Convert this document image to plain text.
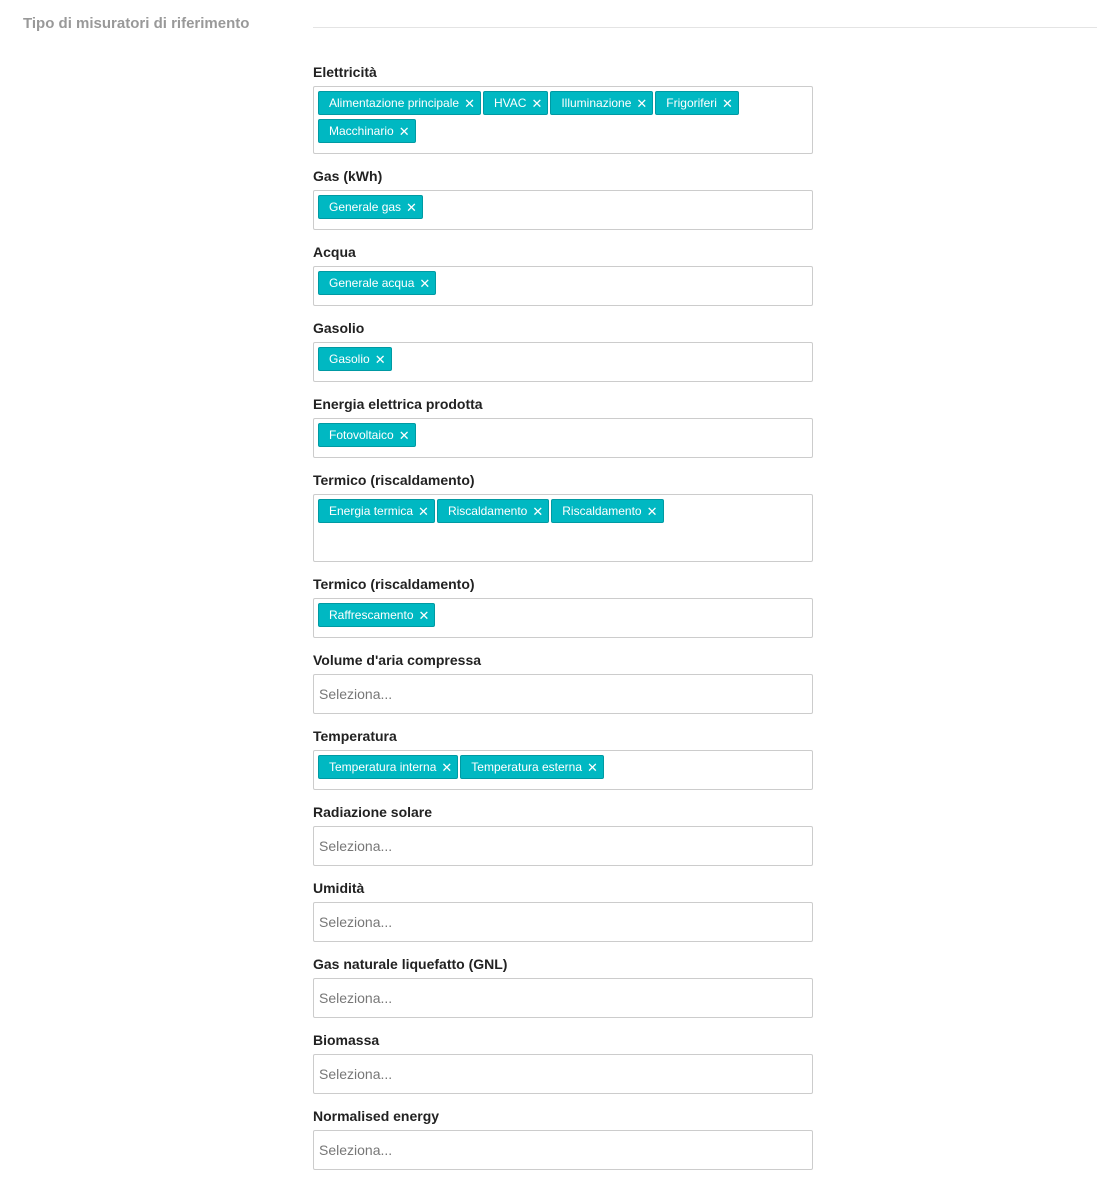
Tipo di misuratori di riferimento
Elettricità
Alimentazione principale ✕ HVAC ✕ Illuminazione ✕ Frigoriferi ✕
Macchinario ✕
Gas (kWh)
Generale gas ✕
Acqua
Generale acqua ✕
Gasolio
Gasolio ✕
Energia elettrica prodotta
Fotovoltaico ✕
Termico (riscaldamento)
Energia termica ✕ Riscaldamento ✕ Riscaldamento ✕
Termico (riscaldamento)
Raffrescamento ✕
Volume d'aria compressa
Seleziona...
Temperatura
Temperatura interna ✕ Temperatura esterna ✕
Radiazione solare
Seleziona...
Umidità
Seleziona...
Gas naturale liquefatto (GNL)
Seleziona...
Biomassa
Seleziona...
Normalised energy
Seleziona...
